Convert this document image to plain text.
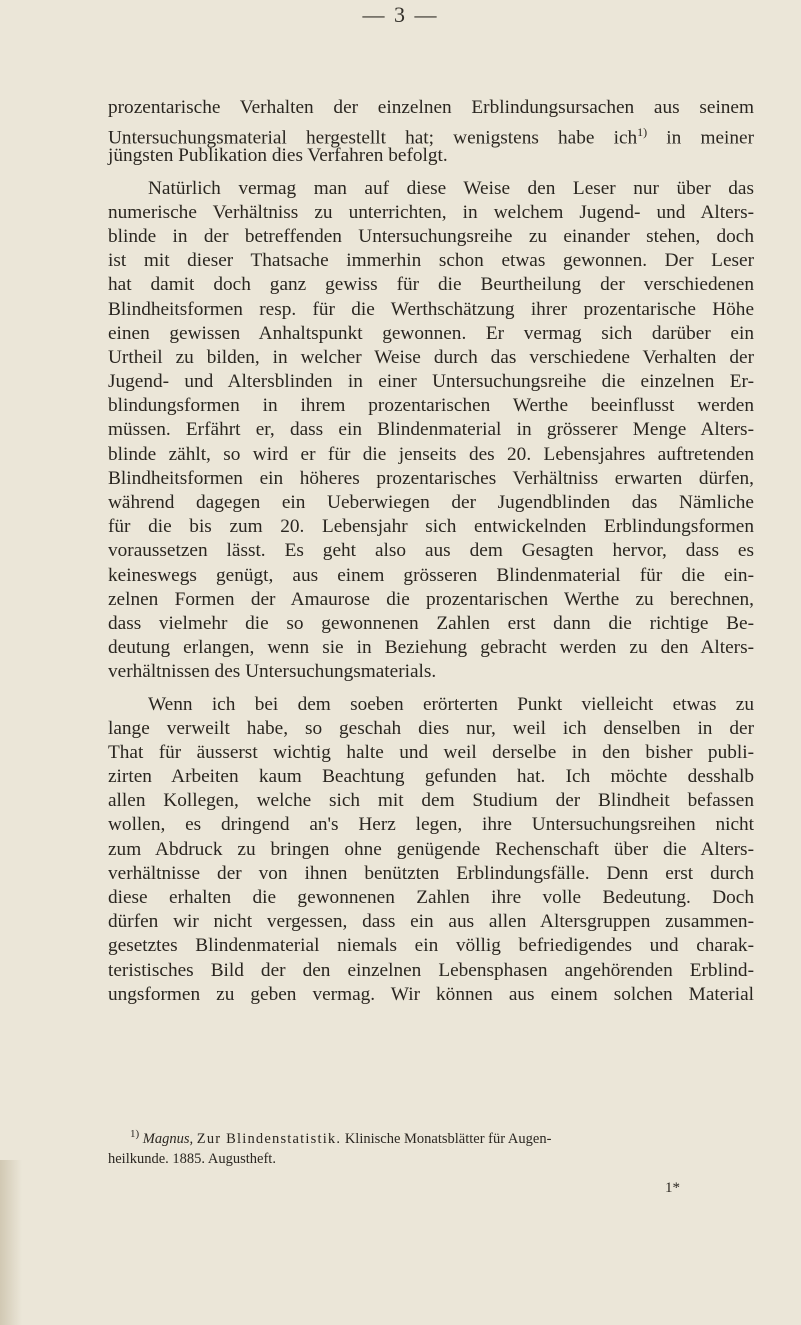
— 3 —
prozentarische Verhalten der einzelnen Erblindungsursachen aus seinem
Untersuchungsmaterial hergestellt hat; wenigstens habe ich$^{1)}$ in meiner
jüngsten Publikation dies Verfahren befolgt.
Natürlich vermag man auf diese Weise den Leser nur über das
numerische Verhältniss zu unterrichten, in welchem Jugend- und Alters-
blinde in der betreffenden Untersuchungsreihe zu einander stehen, doch
ist mit dieser Thatsache immerhin schon etwas gewonnen. Der Leser
hat damit doch ganz gewiss für die Beurtheilung der verschiedenen
Blindheitsformen resp. für die Werthschätzung ihrer prozentarische Höhe
einen gewissen Anhaltspunkt gewonnen. Er vermag sich darüber ein
Urtheil zu bilden, in welcher Weise durch das verschiedene Verhalten der
Jugend- und Altersblinden in einer Untersuchungsreihe die einzelnen Er-
blindungsformen in ihrem prozentarischen Werthe beeinflusst werden
müssen. Erfährt er, dass ein Blindenmaterial in grösserer Menge Alters-
blinde zählt, so wird er für die jenseits des 20. Lebensjahres auftretenden
Blindheitsformen ein höheres prozentarisches Verhältniss erwarten dürfen,
während dagegen ein Ueberwiegen der Jugendblinden das Nämliche
für die bis zum 20. Lebensjahr sich entwickelnden Erblindungsformen
voraussetzen lässt. Es geht also aus dem Gesagten hervor, dass es
keineswegs genügt, aus einem grösseren Blindenmaterial für die ein-
zelnen Formen der Amaurose die prozentarischen Werthe zu berechnen,
dass vielmehr die so gewonnenen Zahlen erst dann die richtige Be-
deutung erlangen, wenn sie in Beziehung gebracht werden zu den Alters-
verhältnissen des Untersuchungsmaterials.
Wenn ich bei dem soeben erörterten Punkt vielleicht etwas zu
lange verweilt habe, so geschah dies nur, weil ich denselben in der
That für äusserst wichtig halte und weil derselbe in den bisher publi-
zirten Arbeiten kaum Beachtung gefunden hat. Ich möchte desshalb
allen Kollegen, welche sich mit dem Studium der Blindheit befassen
wollen, es dringend an's Herz legen, ihre Untersuchungsreihen nicht
zum Abdruck zu bringen ohne genügende Rechenschaft über die Alters-
verhältnisse der von ihnen benützten Erblindungsfälle. Denn erst durch
diese erhalten die gewonnenen Zahlen ihre volle Bedeutung. Doch
dürfen wir nicht vergessen, dass ein aus allen Altersgruppen zusammen-
gesetztes Blindenmaterial niemals ein völlig befriedigendes und charak-
teristisches Bild der den einzelnen Lebensphasen angehörenden Erblind-
ungsformen zu geben vermag. Wir können aus einem solchen Material
$^{1)}$ Magnus, Zur Blindenstatistik. Klinische Monatsblätter für Augen-
heilkunde. 1885. Augustheft.
1*
